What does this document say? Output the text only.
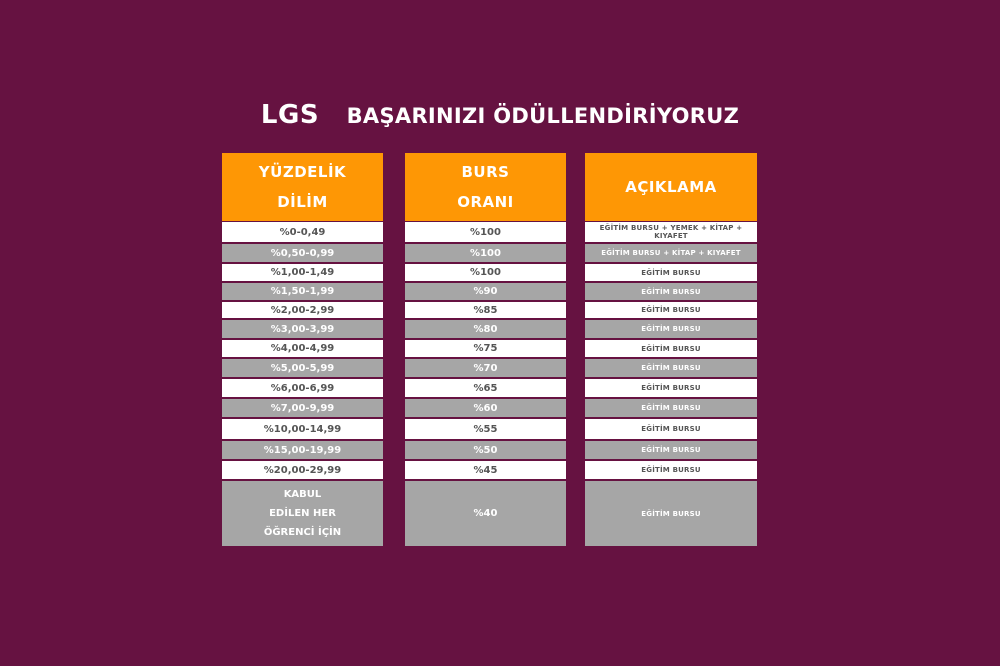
LGS BAŞARINIZI ÖDÜLLENDİRİYORUZ
YÜZDELİK
DİLİM
%0-0,49
%0,50-0,99
%1,00-1,49
%1,50-1,99
%2,00-2,99
%3,00-3,99
%4,00-4,99
%5,00-5,99
%6,00-6,99
%7,00-9,99
%10,00-14,99
%15,00-19,99
%20,00-29,99
KABUL
EDİLEN HER
ÖĞRENCİ İÇİN
BURS
ORANI
%100
%100
%100
%90
%85
%80
%75
%70
%65
%60
%55
%50
%45
%40
AÇIKLAMA
EĞİTİM BURSU + YEMEK + KİTAP + KIYAFET
EĞİTİM BURSU + KİTAP + KIYAFET
EĞİTİM BURSU
EĞİTİM BURSU
EĞİTİM BURSU
EĞİTİM BURSU
EĞİTİM BURSU
EĞİTİM BURSU
EĞİTİM BURSU
EĞİTİM BURSU
EĞİTİM BURSU
EĞİTİM BURSU
EĞİTİM BURSU
EĞİTİM BURSU
